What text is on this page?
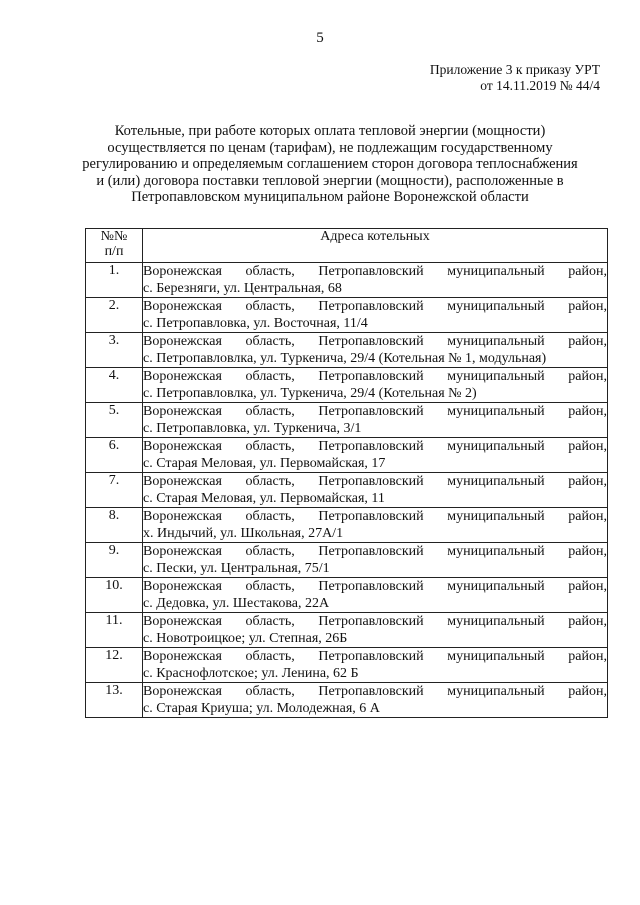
5
Приложение 3 к приказу УРТ
от 14.11.2019 № 44/4
Котельные, при работе которых оплата тепловой энергии (мощности)
осуществляется по ценам (тарифам), не подлежащим государственному
регулированию и определяемым соглашением сторон договора теплоснабжения
и (или) договора поставки тепловой энергии (мощности), расположенные в
Петропавловском муниципальном районе Воронежской области
№№
п/п	Адреса котельных
1.	Воронежская область, Петропавловский муниципальный район,
с. Березняги, ул. Центральная, 68

2.	Воронежская область, Петропавловский муниципальный район,
с. Петропавловка, ул. Восточная, 11/4

3.	Воронежская область, Петропавловский муниципальный район,
с. Петропавловлка, ул. Туркенича, 29/4 (Котельная № 1, модульная)

4.	Воронежская область, Петропавловский муниципальный район,
с. Петропавловлка, ул. Туркенича, 29/4 (Котельная № 2)

5.	Воронежская область, Петропавловский муниципальный район,
с. Петропавловка, ул. Туркенича, 3/1

6.	Воронежская область, Петропавловский муниципальный район,
с. Старая Меловая, ул. Первомайская, 17

7.	Воронежская область, Петропавловский муниципальный район,
с. Старая Меловая, ул. Первомайская, 11

8.	Воронежская область, Петропавловский муниципальный район,
х. Индычий, ул. Школьная, 27А/1

9.	Воронежская область, Петропавловский муниципальный район,
с. Пески, ул. Центральная, 75/1

10.	Воронежская область, Петропавловский муниципальный район,
с. Дедовка, ул. Шестакова, 22А

11.	Воронежская область, Петропавловский муниципальный район,
с. Новотроицкое; ул. Степная, 26Б

12.	Воронежская область, Петропавловский муниципальный район,
с. Краснофлотское; ул. Ленина, 62 Б

13.	Воронежская область, Петропавловский муниципальный район,
с. Старая Криуша; ул. Молодежная, 6 А
